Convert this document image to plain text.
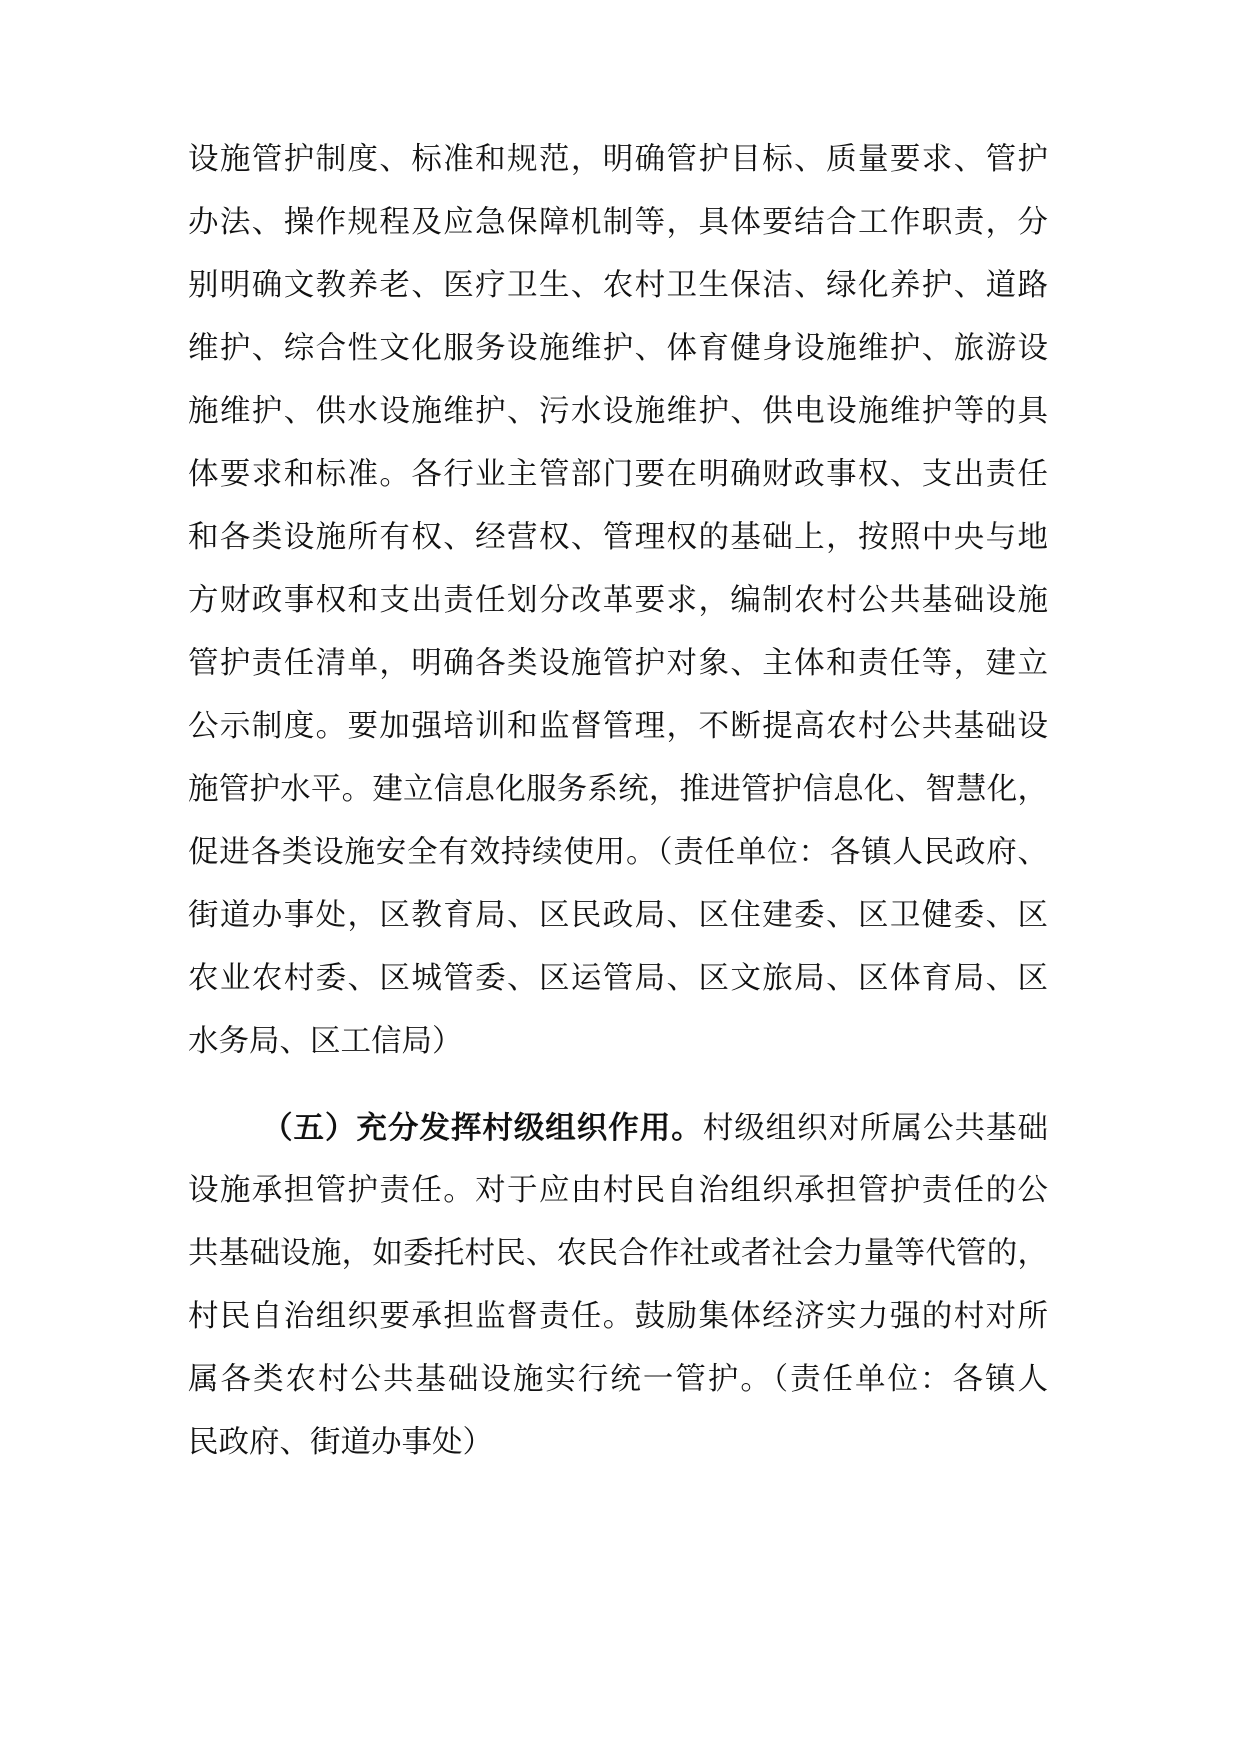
设施管护制度、标准和规范，明确管护目标、质量要求、管护
办法、操作规程及应急保障机制等，具体要结合工作职责，分
别明确文教养老、医疗卫生、农村卫生保洁、绿化养护、道路
维护、综合性文化服务设施维护、体育健身设施维护、旅游设
施维护、供水设施维护、污水设施维护、供电设施维护等的具
体要求和标准。各行业主管部门要在明确财政事权、支出责任
和各类设施所有权、经营权、管理权的基础上，按照中央与地
方财政事权和支出责任划分改革要求，编制农村公共基础设施
管护责任清单，明确各类设施管护对象、主体和责任等，建立
公示制度。要加强培训和监督管理，不断提高农村公共基础设
施管护水平。建立信息化服务系统，推进管护信息化、智慧化，
促进各类设施安全有效持续使用。（责任单位：各镇人民政府、
街道办事处，区教育局、区民政局、区住建委、区卫健委、区
农业农村委、区城管委、区运管局、区文旅局、区体育局、区
水务局、区工信局）
（五）充分发挥村级组织作用。村级组织对所属公共基础
设施承担管护责任。对于应由村民自治组织承担管护责任的公
共基础设施，如委托村民、农民合作社或者社会力量等代管的，
村民自治组织要承担监督责任。鼓励集体经济实力强的村对所
属各类农村公共基础设施实行统一管护。（责任单位：各镇人
民政府、街道办事处）
